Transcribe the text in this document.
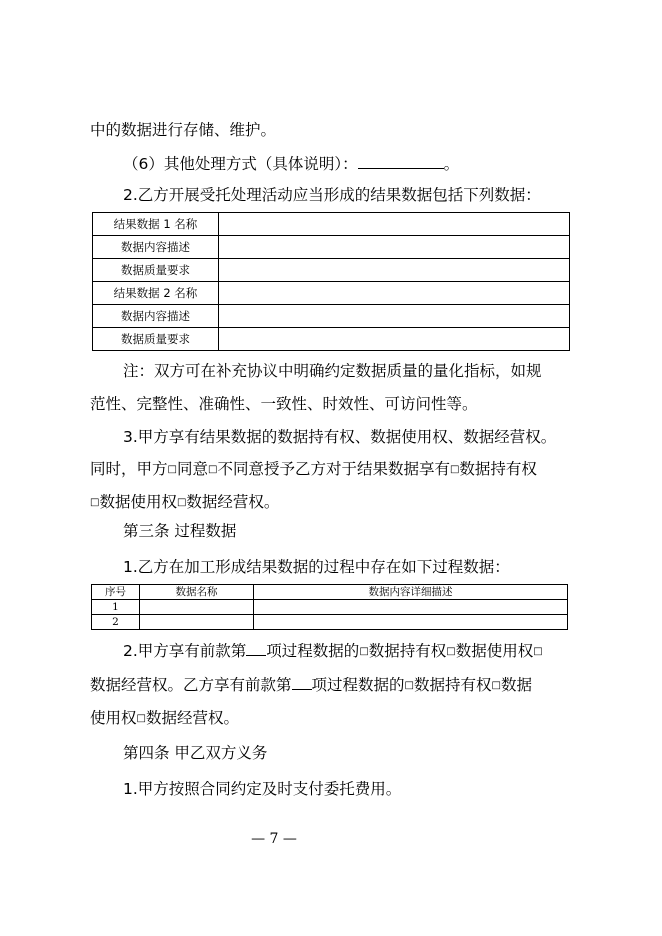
中的数据进行存储、维护。
（6）其他处理方式（具体说明）：	。
2.乙方开展受托处理活动应当形成的结果数据包括下列数据：
结果数据 1 名称	
数据内容描述	
数据质量要求	
结果数据 2 名称	
数据内容描述	
数据质量要求	
注：双方可在补充协议中明确约定数据质量的量化指标，如规
范性、完整性、准确性、一致性、时效性、可访问性等。
3.甲方享有结果数据的数据持有权、数据使用权、数据经营权。
同时，甲方□同意□不同意授予乙方对于结果数据享有□数据持有权
□数据使用权□数据经营权。
第三条 过程数据
1.乙方在加工形成结果数据的过程中存在如下过程数据：
序号	数据名称	数据内容详细描述
1		
2		
2.甲方享有前款第 项过程数据的□数据持有权□数据使用权□
数据经营权。乙方享有前款第 项过程数据的□数据持有权□数据
使用权□数据经营权。
第四条 甲乙双方义务
1.甲方按照合同约定及时支付委托费用。
— 7 —
